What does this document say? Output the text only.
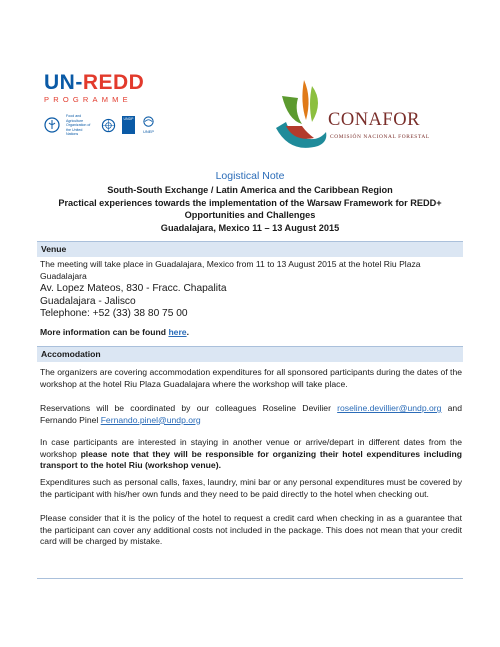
UN-REDD
PROGRAMME
Food and Agriculture Organization of the United Nations
UNDP
UNEP
CONAFOR
COMISIÓN NACIONAL FORESTAL
Logistical Note
South-South Exchange / Latin America and the Caribbean Region
Practical experiences towards the implementation of the Warsaw Framework for REDD+
Opportunities and Challenges
Guadalajara, Mexico 11 – 13 August 2015
Venue
The meeting will take place in Guadalajara, Mexico from 11 to 13 August 2015 at the hotel Riu Plaza Guadalajara
Av. Lopez Mateos, 830 - Fracc. Chapalita
Guadalajara - Jalisco
Telephone: +52 (33) 38 80 75 00
More information can be found here.
Accomodation
The organizers are covering accommodation expenditures for all sponsored participants during the dates of the workshop at the hotel Riu Plaza Guadalajara where the workshop will take place.
Reservations will be coordinated by our colleagues Roseline Devilier roseline.devillier@undp.org and Fernando Pinel Fernando.pinel@undp.org
In case participants are interested in staying in another venue or arrive/depart in different dates from the workshop please note that they will be responsible for organizing their hotel expenditures including transport to the hotel Riu (workshop venue).
Expenditures such as personal calls, faxes, laundry, mini bar or any personal expenditures must be covered by the participant with his/her own funds and they need to be paid directly to the hotel when checking out.
Please consider that it is the policy of the hotel to request a credit card when checking in as a guarantee that the participant can cover any additional costs not included in the package. This does not mean that your credit card will be charged by mistake.
